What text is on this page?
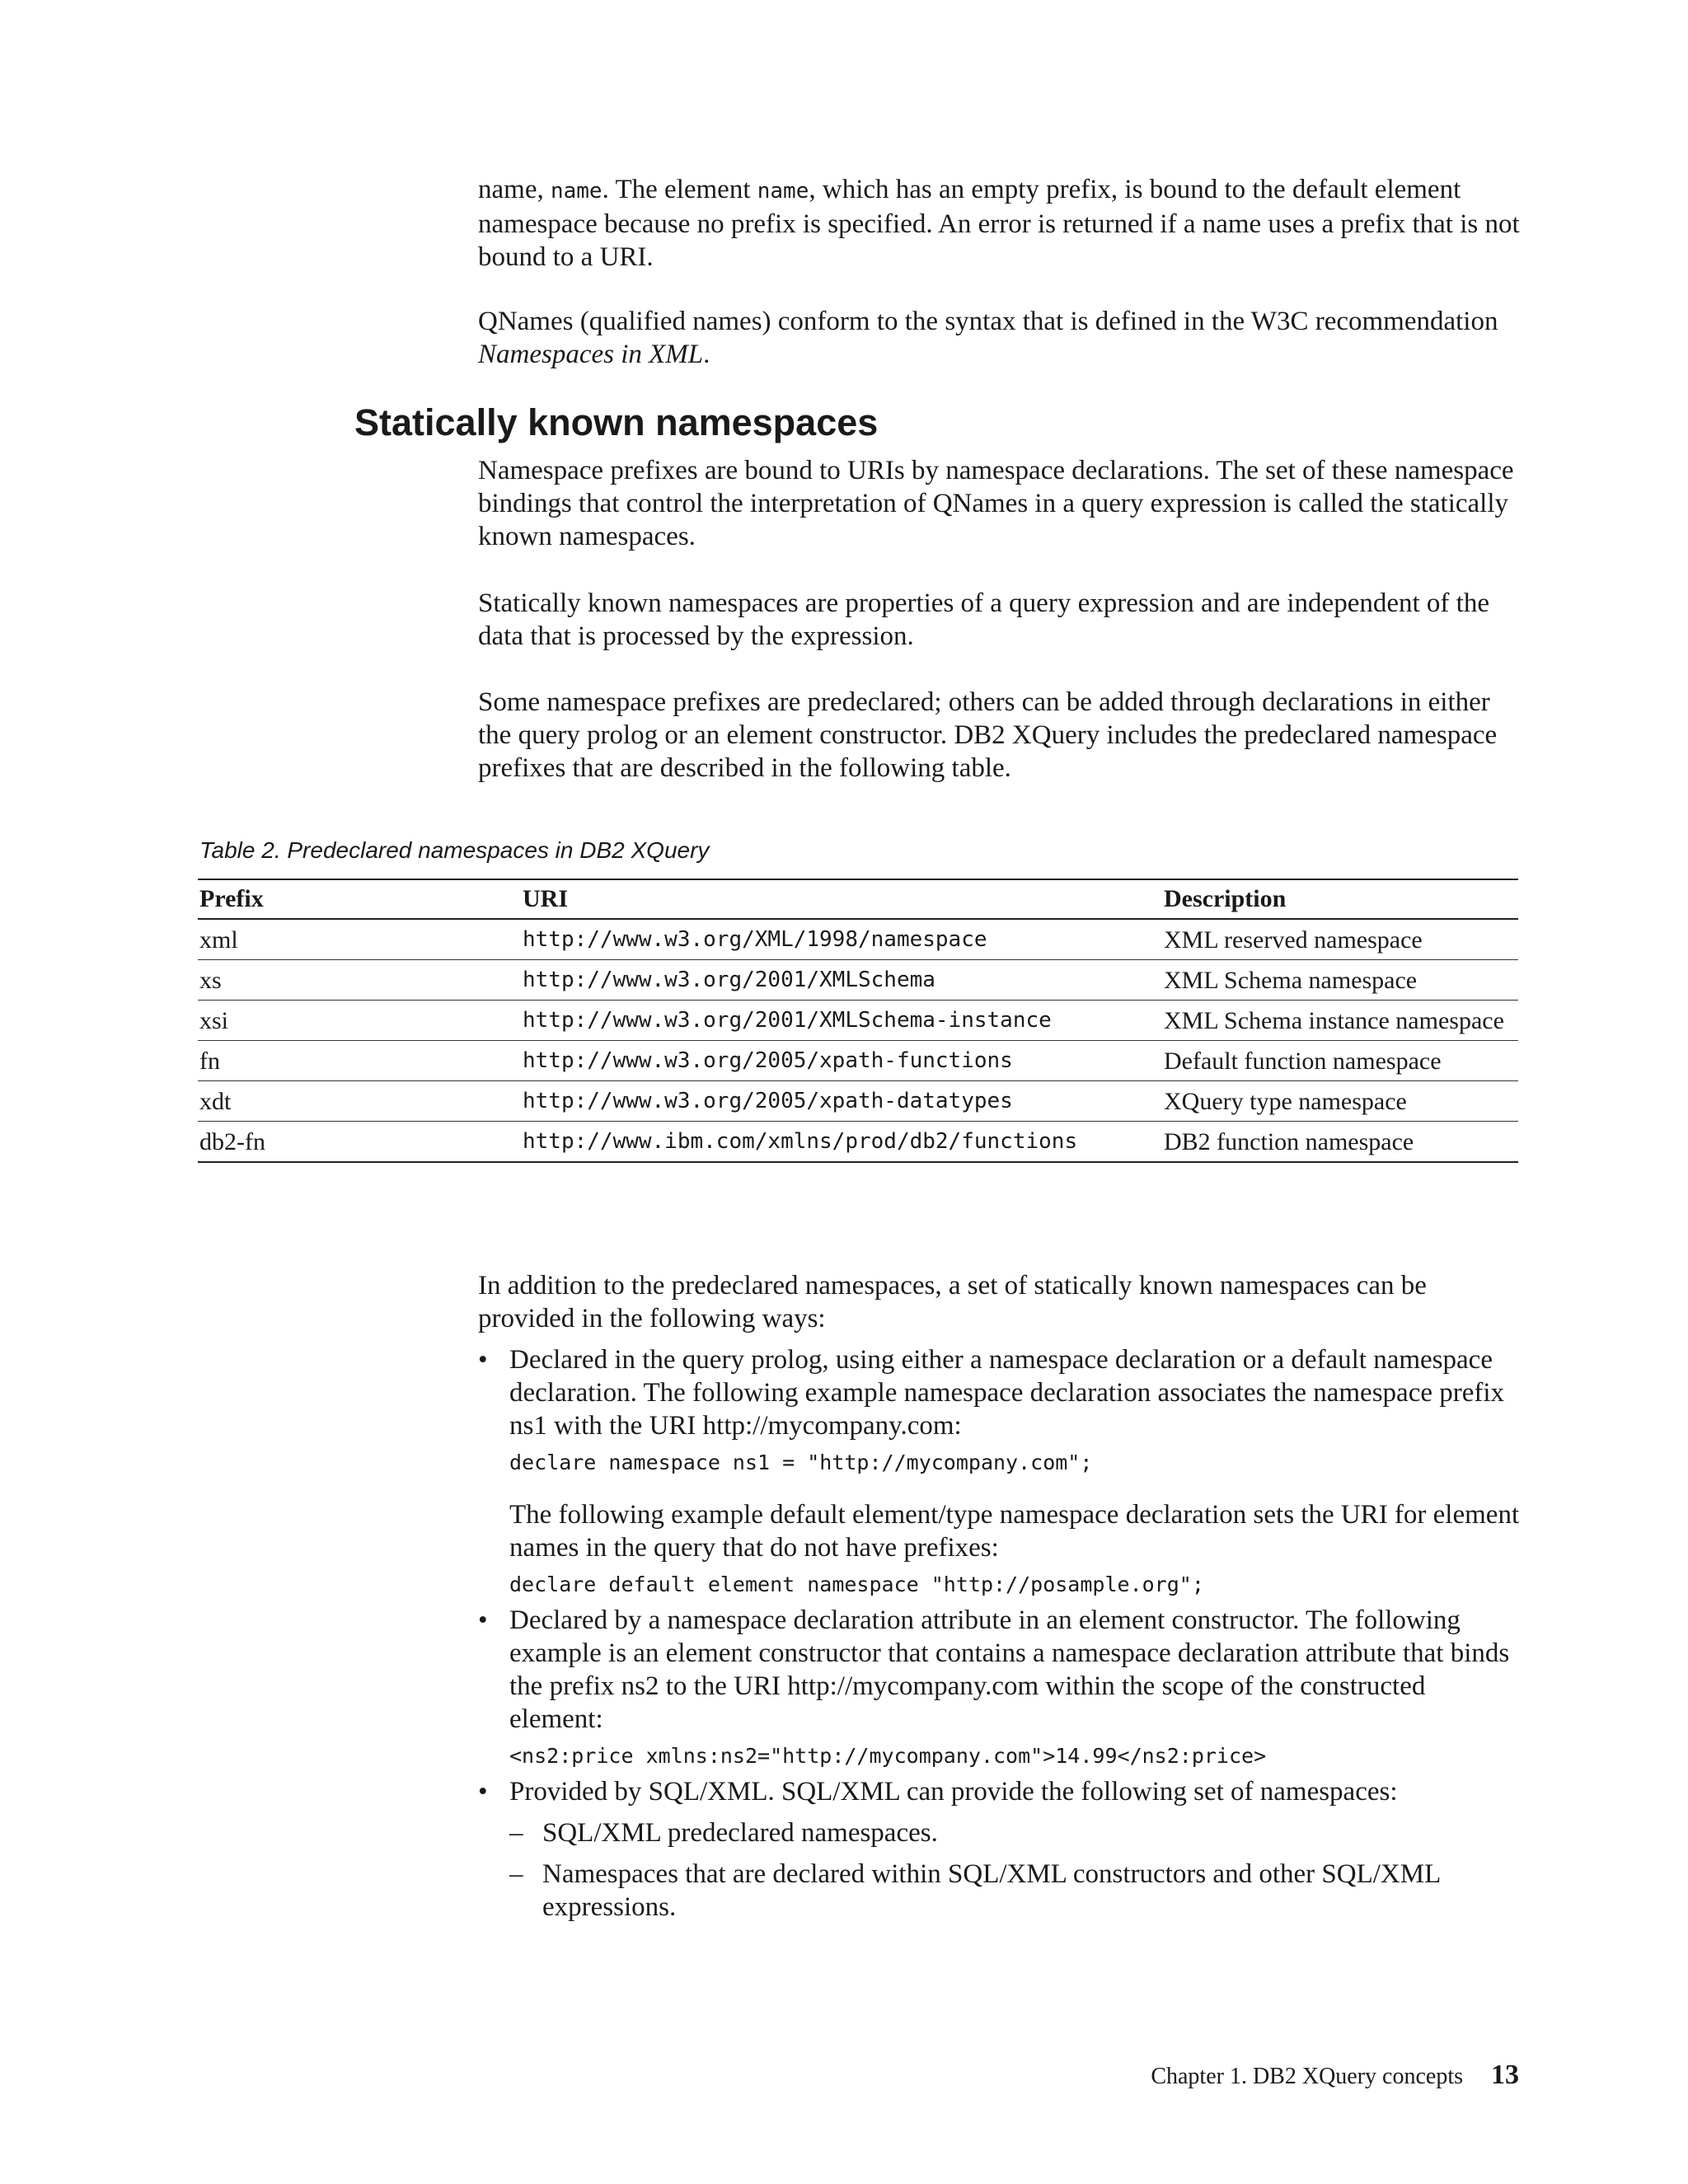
name, name. The element name, which has an empty prefix, is bound to the default element namespace because no prefix is specified. An error is returned if a name uses a prefix that is not bound to a URI.

QNames (qualified names) conform to the syntax that is defined in the W3C recommendation Namespaces in XML.

Statically known namespaces

Namespace prefixes are bound to URIs by namespace declarations. The set of these namespace bindings that control the interpretation of QNames in a query expression is called the statically known namespaces.

Statically known namespaces are properties of a query expression and are independent of the data that is processed by the expression.

Some namespace prefixes are predeclared; others can be added through declarations in either the query prolog or an element constructor. DB2 XQuery includes the predeclared namespace prefixes that are described in the following table.

Table 2. Predeclared namespaces in DB2 XQuery
Prefix	URI	Description
xml	http://www.w3.org/XML/1998/namespace	XML reserved namespace
xs	http://www.w3.org/2001/XMLSchema	XML Schema namespace
xsi	http://www.w3.org/2001/XMLSchema-instance	XML Schema instance namespace
fn	http://www.w3.org/2005/xpath-functions	Default function namespace
xdt	http://www.w3.org/2005/xpath-datatypes	XQuery type namespace
db2-fn	http://www.ibm.com/xmlns/prod/db2/functions	DB2 function namespace

In addition to the predeclared namespaces, a set of statically known namespaces can be provided in the following ways:

• Declared in the query prolog, using either a namespace declaration or a default namespace declaration. The following example namespace declaration associates the namespace prefix ns1 with the URI http://mycompany.com:

declare namespace ns1 = "http://mycompany.com";

The following example default element/type namespace declaration sets the URI for element names in the query that do not have prefixes:

declare default element namespace "http://posample.org";
• Declared by a namespace declaration attribute in an element constructor. The following example is an element constructor that contains a namespace declaration attribute that binds the prefix ns2 to the URI http://mycompany.com within the scope of the constructed element:

<ns2:price xmlns:ns2="http://mycompany.com">14.99</ns2:price>
• Provided by SQL/XML. SQL/XML can provide the following set of namespaces:

– SQL/XML predeclared namespaces.
– Namespaces that are declared within SQL/XML constructors and other SQL/XML expressions.
Chapter 1. DB2 XQuery concepts 13
